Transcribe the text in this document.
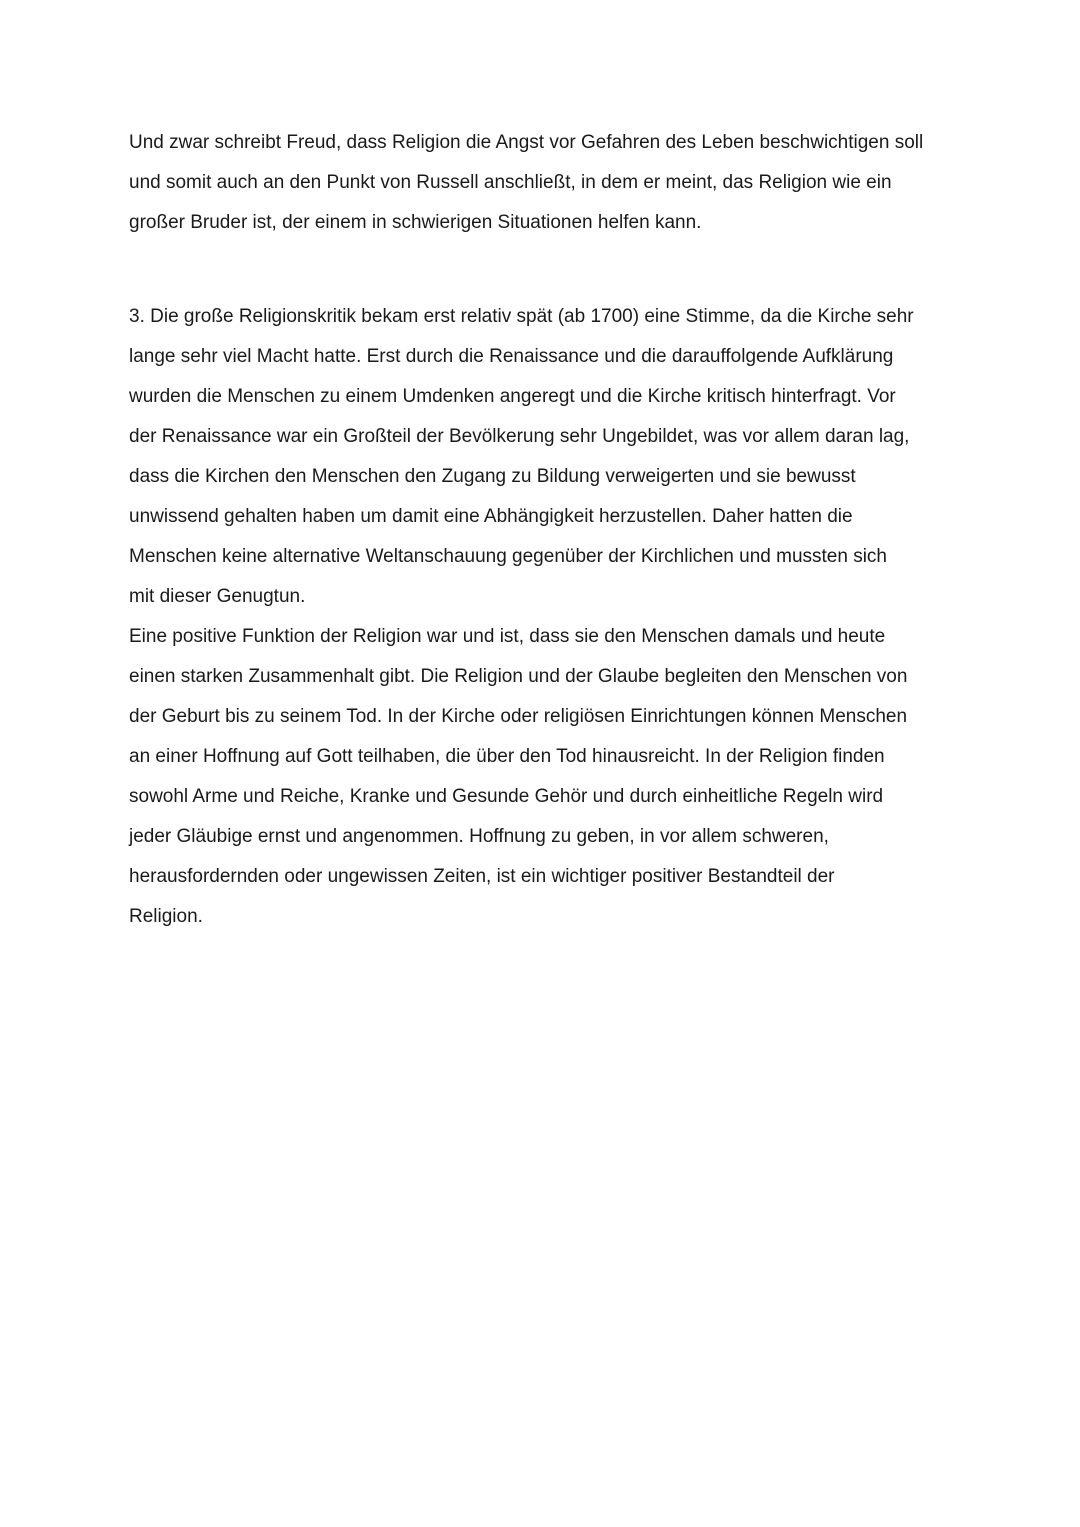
Und zwar schreibt Freud, dass Religion die Angst vor Gefahren des Leben beschwichtigen soll
und somit auch an den Punkt von Russell anschließt, in dem er meint, das Religion wie ein
großer Bruder ist, der einem in schwierigen Situationen helfen kann.
3. Die große Religionskritik bekam erst relativ spät (ab 1700) eine Stimme, da die Kirche sehr
lange sehr viel Macht hatte. Erst durch die Renaissance und die darauffolgende Aufklärung
wurden die Menschen zu einem Umdenken angeregt und die Kirche kritisch hinterfragt. Vor
der Renaissance war ein Großteil der Bevölkerung sehr Ungebildet, was vor allem daran lag,
dass die Kirchen den Menschen den Zugang zu Bildung verweigerten und sie bewusst
unwissend gehalten haben um damit eine Abhängigkeit herzustellen. Daher hatten die
Menschen keine alternative Weltanschauung gegenüber der Kirchlichen und mussten sich
mit dieser Genugtun.
Eine positive Funktion der Religion war und ist, dass sie den Menschen damals und heute
einen starken Zusammenhalt gibt. Die Religion und der Glaube begleiten den Menschen von
der Geburt bis zu seinem Tod. In der Kirche oder religiösen Einrichtungen können Menschen
an einer Hoffnung auf Gott teilhaben, die über den Tod hinausreicht. In der Religion finden
sowohl Arme und Reiche, Kranke und Gesunde Gehör und durch einheitliche Regeln wird
jeder Gläubige ernst und angenommen. Hoffnung zu geben, in vor allem schweren,
herausfordernden oder ungewissen Zeiten, ist ein wichtiger positiver Bestandteil der
Religion.
